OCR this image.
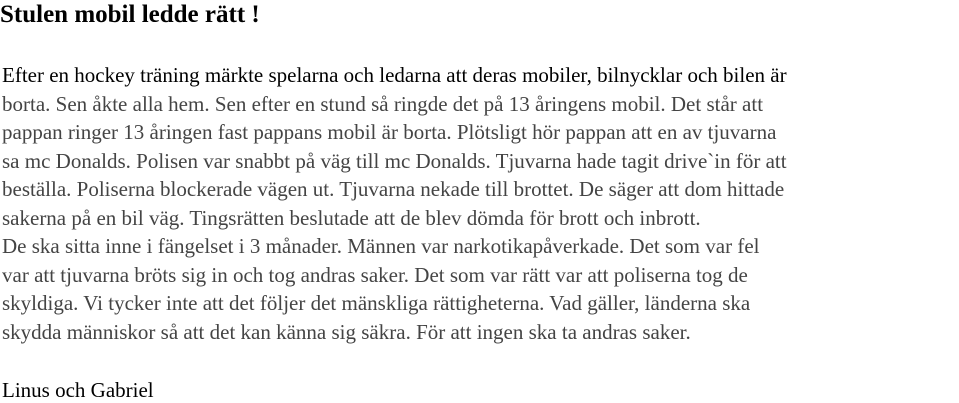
Stulen mobil ledde rätt !
Efter en hockey träning märkte spelarna och ledarna att deras mobiler, bilnycklar och bilen är
borta. Sen åkte alla hem. Sen efter en stund så ringde det på 13 åringens mobil. Det står att
pappan ringer 13 åringen fast pappans mobil är borta. Plötsligt hör pappan att en av tjuvarna
sa mc Donalds. Polisen var snabbt på väg till mc Donalds. Tjuvarna hade tagit drive`in för att
beställa. Poliserna blockerade vägen ut. Tjuvarna nekade till brottet. De säger att dom hittade
sakerna på en bil väg. Tingsrätten beslutade att de blev dömda för brott och inbrott.
De ska sitta inne i fängelset i 3 månader. Männen var narkotikapåverkade. Det som var fel
var att tjuvarna bröts sig in och tog andras saker. Det som var rätt var att poliserna tog de
skyldiga. Vi tycker inte att det följer det mänskliga rättigheterna. Vad gäller, länderna ska
skydda människor så att det kan känna sig säkra. För att ingen ska ta andras saker.

Linus och Gabriel
